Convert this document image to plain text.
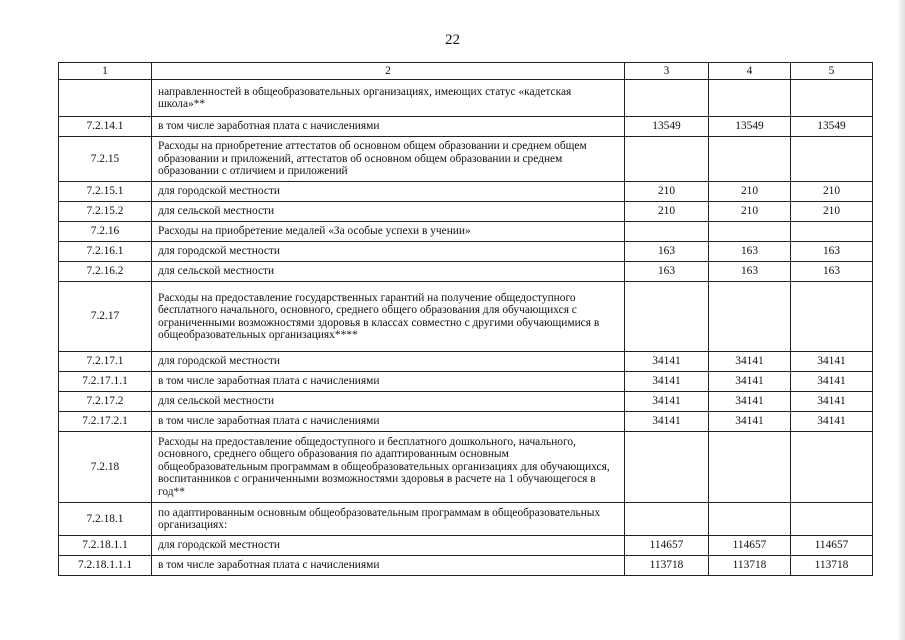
22
1	2	3	4	5
	направленностей в общеобразовательных организациях, имеющих статус «кадетская школа»**			
7.2.14.1	в том числе заработная плата с начислениями	13549	13549	13549
7.2.15	Расходы на приобретение аттестатов об основном общем образовании и среднем общем образовании и приложений, аттестатов об основном общем образовании и среднем образовании с отличием и приложений			
7.2.15.1	для городской местности	210	210	210
7.2.15.2	для сельской местности	210	210	210
7.2.16	Расходы на приобретение медалей «За особые успехи в учении»			
7.2.16.1	для городской местности	163	163	163
7.2.16.2	для сельской местности	163	163	163
7.2.17	Расходы на предоставление государственных гарантий на получение общедоступного бесплатного начального, основного, среднего общего образования для обучающихся с ограниченными возможностями здоровья в классах совместно с другими обучающимися в общеобразовательных организациях****			
7.2.17.1	для городской местности	34141	34141	34141
7.2.17.1.1	в том числе заработная плата с начислениями	34141	34141	34141
7.2.17.2	для сельской местности	34141	34141	34141
7.2.17.2.1	в том числе заработная плата с начислениями	34141	34141	34141
7.2.18	Расходы на предоставление общедоступного и бесплатного дошкольного, начального, основного, среднего общего образования по адаптированным основным общеобразовательным программам в общеобразовательных организациях для обучающихся, воспитанников с ограниченными возможностями здоровья в расчете на 1 обучающегося в год**			
7.2.18.1	по адаптированным основным общеобразовательным программам в общеобразовательных организациях:			
7.2.18.1.1	для городской местности	114657	114657	114657
7.2.18.1.1.1	в том числе заработная плата с начислениями	113718	113718	113718
